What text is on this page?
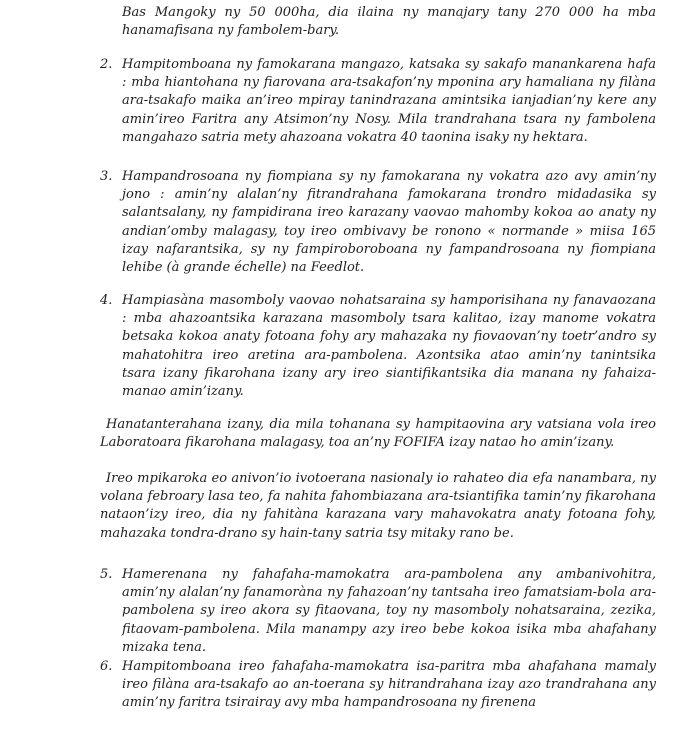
Bas Mangoky ny 50 000ha, dia ilaina ny manajary tany 270 000 ha mba hanamafisana ny fambolem-bary.

2. Hampitomboana ny famokarana mangazo, katsaka sy sakafo manankarena hafa : mba hiantohana ny fiarovana ara-tsakafon’ny mponina ary hamaliana ny filàna ara-tsakafo maika an’ireo mpiray tanindrazana amintsika ianjadian’ny kere any amin’ireo Faritra any Atsimon’ny Nosy. Mila trandrahana tsara ny fambolena mangahazo satria mety ahazoana vokatra 40 taonina isaky ny hektara.

3. Hampandrosoana ny fiompiana sy ny famokarana ny vokatra azo avy amin’ny jono : amin’ny alalan’ny fitrandrahana famokarana trondro midadasika sy salantsalany, ny fampidirana ireo karazany vaovao mahomby kokoa ao anaty ny andian’omby malagasy, toy ireo ombivavy be ronono « normande » miisa 165 izay nafarantsika, sy ny fampiroboroboana ny fampandrosoana ny fiompiana lehibe (à grande échelle) na Feedlot.

4. Hampiasàna masomboly vaovao nohatsaraina sy hamporisihana ny fanavaozana : mba ahazoantsika karazana masomboly tsara kalitao, izay manome vokatra betsaka kokoa anaty fotoana fohy ary mahazaka ny fiovaovan’ny toetr’andro sy mahatohitra ireo aretina ara-pambolena. Azontsika atao amin’ny tanintsika tsara izany fikarohana izany ary ireo siantifikantsika dia manana ny fahaiza-manao amin’izany.

Hanatanterahana izany, dia mila tohanana sy hampitaovina ary vatsiana vola ireo Laboratoara fikarohana malagasy, toa an’ny FOFIFA izay natao ho amin’izany.

Ireo mpikaroka eo anivon’io ivotoerana nasionaly io rahateo dia efa nanambara, ny volana febroary lasa teo, fa nahita fahombiazana ara-tsiantifika tamin’ny fikarohana nataon’izy ireo, dia ny fahitàna karazana vary mahavokatra anaty fotoana fohy, mahazaka tondra-drano sy hain-tany satria tsy mitaky rano be.

5. Hamerenana ny fahafaha-mamokatra ara-pambolena any ambanivohitra, amin’ny alalan’ny fanamoràna ny fahazoan’ny tantsaha ireo famatsiam-bola ara-pambolena sy ireo akora sy fitaovana, toy ny masomboly nohatsaraina, zezika, fitaovam-pambolena. Mila manampy azy ireo bebe kokoa isika mba ahafahany mizaka tena.

6. Hampitomboana ireo fahafaha-mamokatra isa-paritra mba ahafahana mamaly ireo filàna ara-tsakafo ao an-toerana sy hitrandrahana izay azo trandrahana any amin’ny faritra tsirairay avy mba hampandrosoana ny firenena
